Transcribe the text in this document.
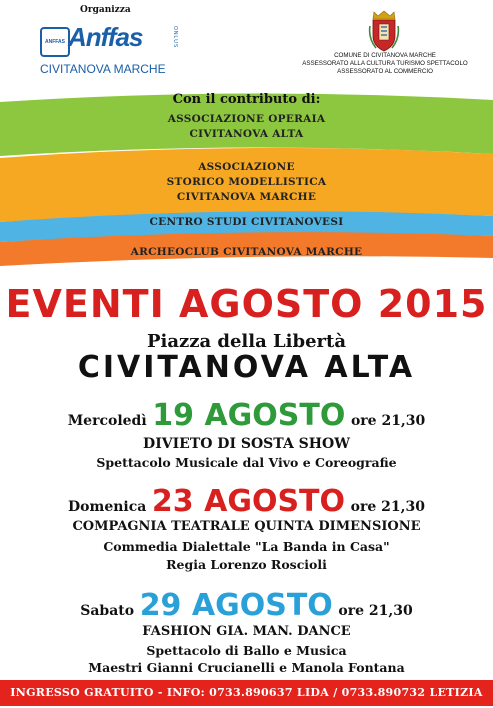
Organizza
ANFFAS Anffas	ONLUS
CIVITANOVA MARCHE
COMUNE DI CIVITANOVA MARCHE
ASSESSORATO ALLA CULTURA TURISMO SPETTACOLO
ASSESSORATO AL COMMERCIO
Con il contributo di:
ASSOCIAZIONE OPERAIA
CIVITANOVA ALTA
ASSOCIAZIONE
STORICO MODELLISTICA
CIVITANOVA MARCHE
CENTRO STUDI CIVITANOVESI
ARCHEOCLUB CIVITANOVA MARCHE
EVENTI AGOSTO 2015
Piazza della Libertà
CIVITANOVA ALTA
Mercoledì 19 AGOSTO ore 21,30
DIVIETO DI SOSTA SHOW
Spettacolo Musicale dal Vivo e Coreografie
Domenica 23 AGOSTO ore 21,30
COMPAGNIA TEATRALE QUINTA DIMENSIONE
Commedia Dialettale "La Banda in Casa"
Regia Lorenzo Roscioli
Sabato 29 AGOSTO ore 21,30
FASHION GIA. MAN. DANCE
Spettacolo di Ballo e Musica
Maestri Gianni Crucianelli e Manola Fontana
INGRESSO GRATUITO - INFO: 0733.890637 LIDA / 0733.890732 LETIZIA
